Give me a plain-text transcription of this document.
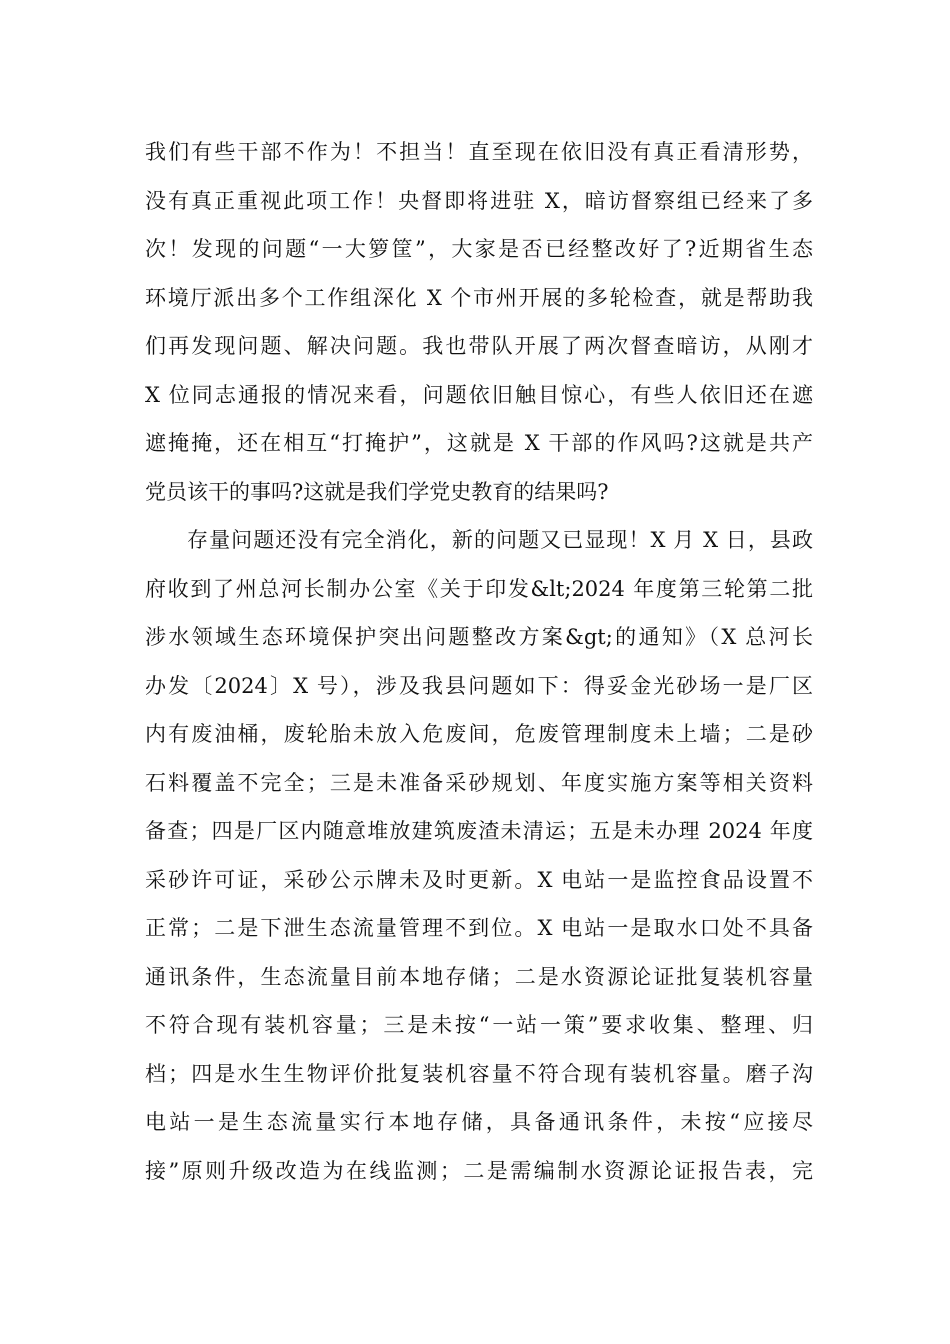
我们有些干部不作为！不担当！直至现在依旧没有真正看清形势，
没有真正重视此项工作！央督即将进驻 X，暗访督察组已经来了多
次！发现的问题“一大箩筐”，大家是否已经整改好了?近期省生态
环境厅派出多个工作组深化 X 个市州开展的多轮检查，就是帮助我
们再发现问题、解决问题。我也带队开展了两次督查暗访，从刚才
X 位同志通报的情况来看，问题依旧触目惊心，有些人依旧还在遮
遮掩掩，还在相互“打掩护”，这就是 X 干部的作风吗?这就是共产
党员该干的事吗?这就是我们学党史教育的结果吗?
存量问题还没有完全消化，新的问题又已显现！X 月 X 日，县政
府收到了州总河长制办公室《关于印发&lt;2024 年度第三轮第二批
涉水领域生态环境保护突出问题整改方案&gt;的通知》（X 总河长
办发〔2024〕X 号），涉及我县问题如下：得妥金光砂场一是厂区
内有废油桶，废轮胎未放入危废间，危废管理制度未上墙；二是砂
石料覆盖不完全；三是未准备采砂规划、年度实施方案等相关资料
备查；四是厂区内随意堆放建筑废渣未清运；五是未办理 2024 年度
采砂许可证，采砂公示牌未及时更新。X 电站一是监控食品设置不
正常；二是下泄生态流量管理不到位。X 电站一是取水口处不具备
通讯条件，生态流量目前本地存储；二是水资源论证批复装机容量
不符合现有装机容量；三是未按“一站一策”要求收集、整理、归
档；四是水生生物评价批复装机容量不符合现有装机容量。磨子沟
电站一是生态流量实行本地存储，具备通讯条件，未按“应接尽
接”原则升级改造为在线监测；二是需编制水资源论证报告表，完
